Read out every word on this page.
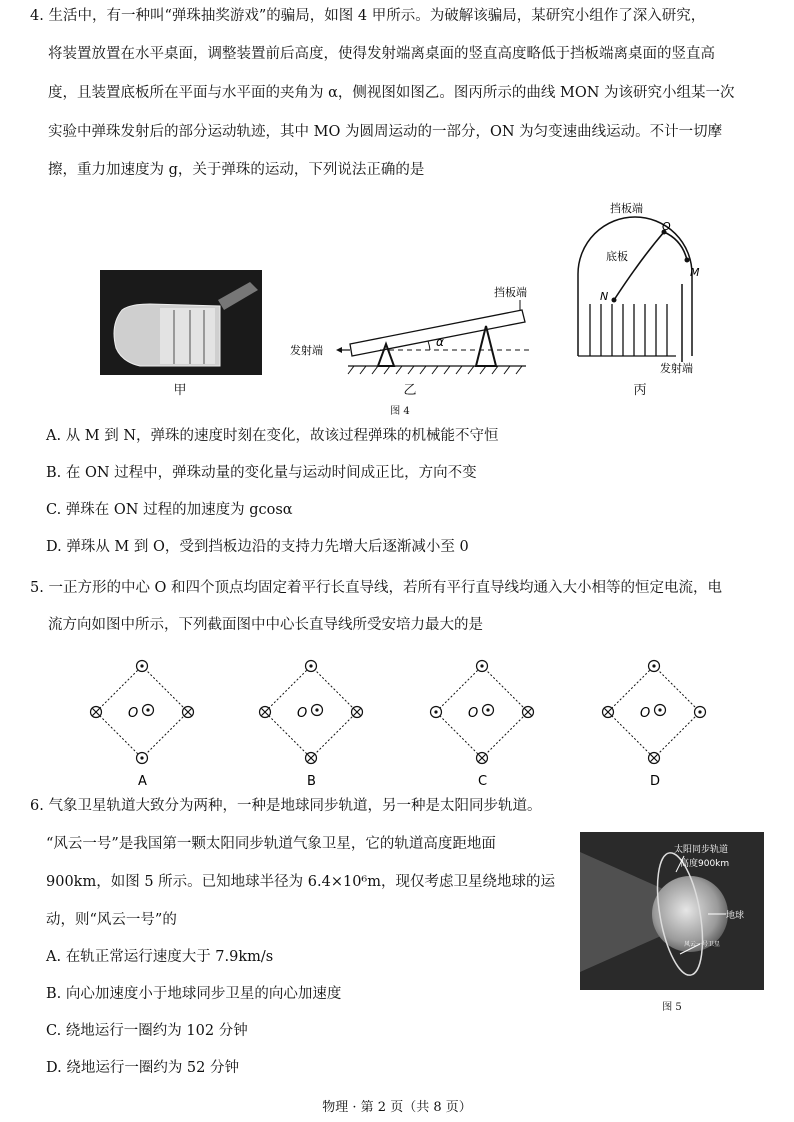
4. 生活中，有一种叫“弹珠抽奖游戏”的骗局，如图 4 甲所示。为破解该骗局，某研究小组作了深入研究，
将装置放置在水平桌面，调整装置前后高度，使得发射端离桌面的竖直高度略低于挡板端离桌面的竖直高
度，且装置底板所在平面与水平面的夹角为 α，侧视图如图乙。图丙所示的曲线 MON 为该研究小组某一次
实验中弹珠发射后的部分运动轨迹，其中 MO 为圆周运动的一部分，ON 为匀变速曲线运动。不计一切摩
擦，重力加速度为 g，关于弹珠的运动，下列说法正确的是
甲
发射端
挡板端
α
乙
图 4
挡板端
O
M
N
底板
发射端
丙
A. 从 M 到 N，弹珠的速度时刻在变化，故该过程弹珠的机械能不守恒
B. 在 ON 过程中，弹珠动量的变化量与运动时间成正比，方向不变
C. 弹珠在 ON 过程的加速度为 gcosα
D. 弹珠从 M 到 O，受到挡板边沿的支持力先增大后逐渐减小至 0
5. 一正方形的中心 O 和四个顶点均固定着平行长直导线，若所有平行直导线均通入大小相等的恒定电流，电
流方向如图中所示，下列截面图中中心长直导线所受安培力最大的是
O
A
O
B
O
C
O
D
6. 气象卫星轨道大致分为两种，一种是地球同步轨道，另一种是太阳同步轨道。
“风云一号”是我国第一颗太阳同步轨道气象卫星，它的轨道高度距地面
900km，如图 5 所示。已知地球半径为 6.4×10⁶m，现仅考虑卫星绕地球的运
动，则“风云一号”的
太阳同步轨道
高度900km
地球
风云一号卫星
图 5
A. 在轨正常运行速度大于 7.9km/s
B. 向心加速度小于地球同步卫星的向心加速度
C. 绕地运行一圈约为 102 分钟
D. 绕地运行一圈约为 52 分钟
物理 · 第 2 页（共 8 页）
